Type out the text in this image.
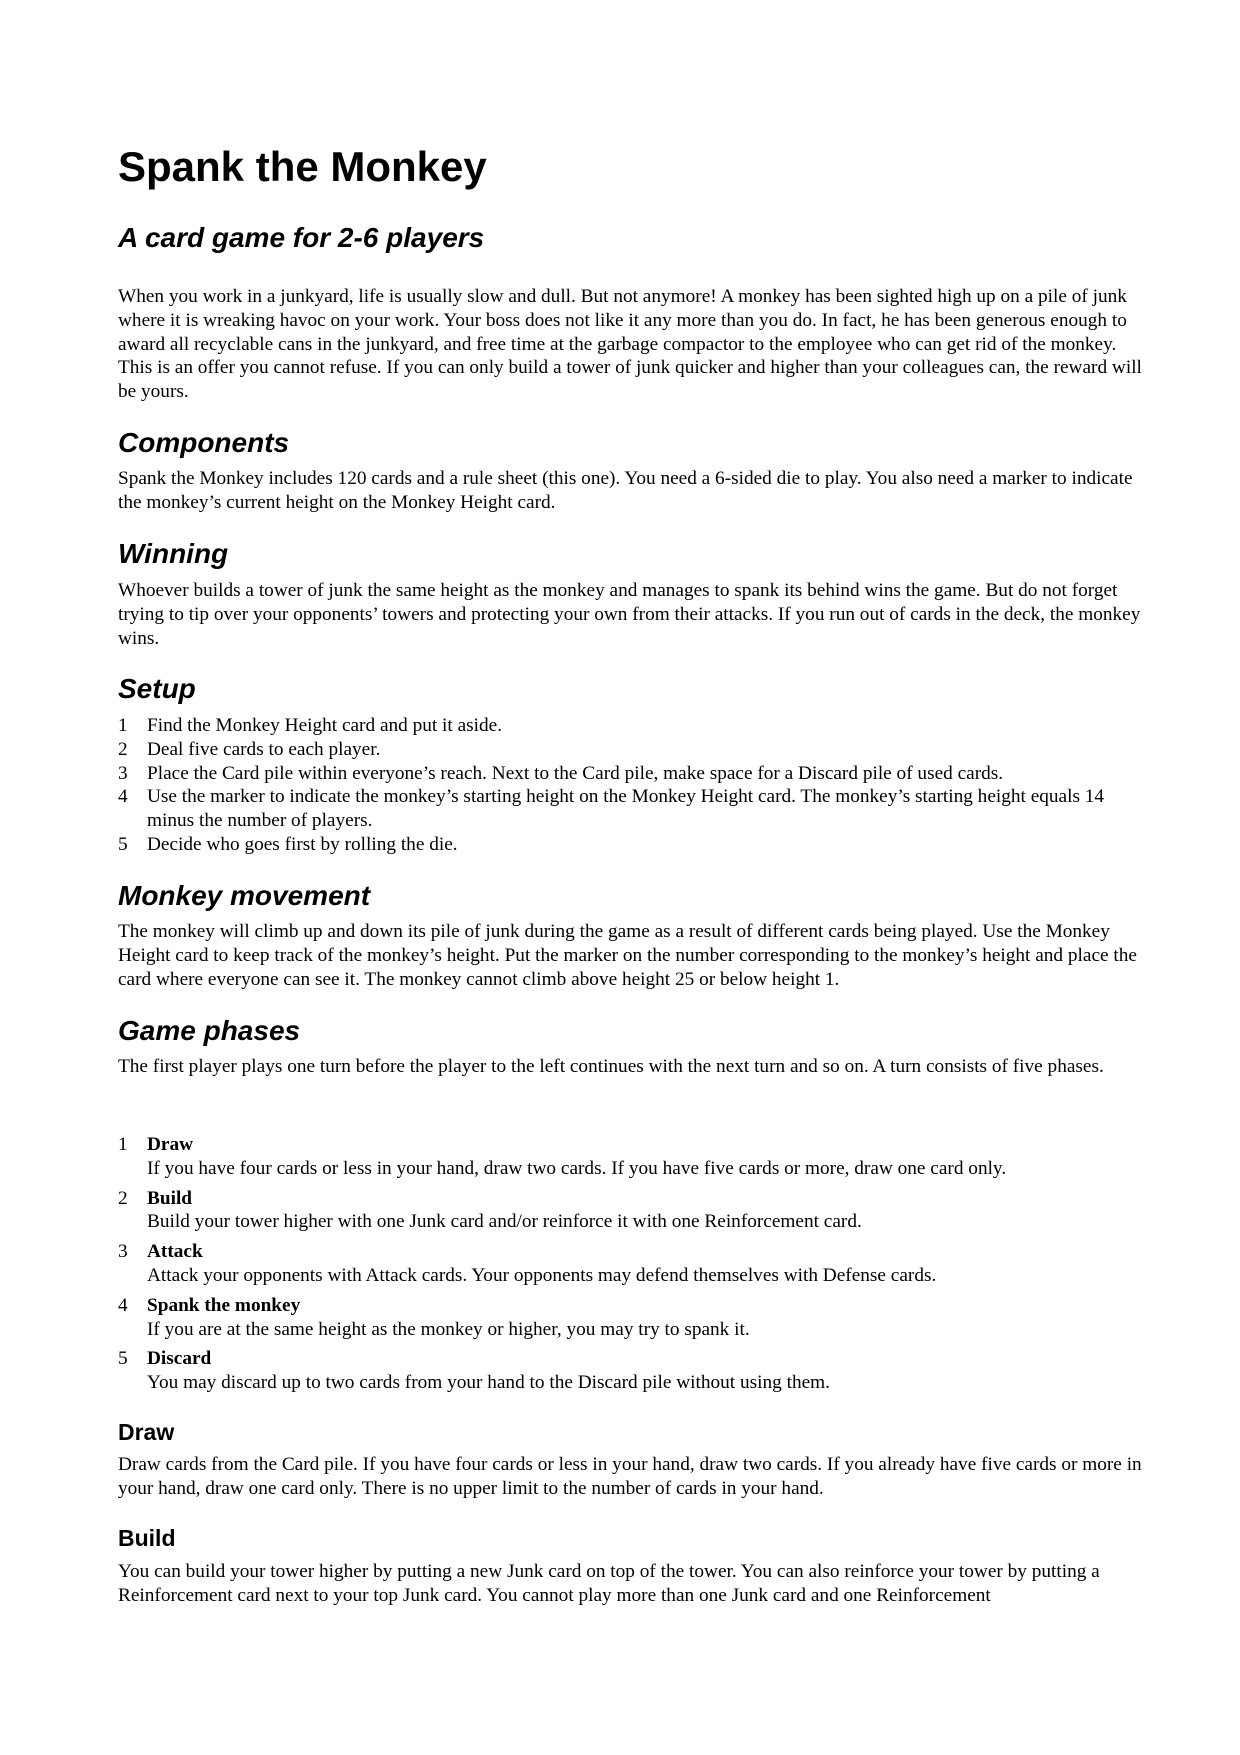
Spank the Monkey

A card game for 2-6 players

When you work in a junkyard, life is usually slow and dull. But not anymore! A monkey has been sighted high up on a pile of junk where it is wreaking havoc on your work. Your boss does not like it any more than you do. In fact, he has been generous enough to award all recyclable cans in the junkyard, and free time at the garbage compactor to the employee who can get rid of the monkey. This is an offer you cannot refuse. If you can only build a tower of junk quicker and higher than your colleagues can, the reward will be yours.

Components

Spank the Monkey includes 120 cards and a rule sheet (this one). You need a 6-sided die to play. You also need a marker to indicate the monkey’s current height on the Monkey Height card.

Winning

Whoever builds a tower of junk the same height as the monkey and manages to spank its behind wins the game. But do not forget trying to tip over your opponents’ towers and protecting your own from their attacks. If you run out of cards in the deck, the monkey wins.

Setup

1 Find the Monkey Height card and put it aside.
2 Deal five cards to each player.
3 Place the Card pile within everyone’s reach. Next to the Card pile, make space for a Discard pile of used cards.
4 Use the marker to indicate the monkey’s starting height on the Monkey Height card. The monkey’s starting height equals 14 minus the number of players.
5 Decide who goes first by rolling the die.

Monkey movement

The monkey will climb up and down its pile of junk during the game as a result of different cards being played. Use the Monkey Height card to keep track of the monkey’s height. Put the marker on the number corresponding to the monkey’s height and place the card where everyone can see it. The monkey cannot climb above height 25 or below height 1.

Game phases

The first player plays one turn before the player to the left continues with the next turn and so on. A turn consists of five phases.

1 Draw
If you have four cards or less in your hand, draw two cards. If you have five cards or more, draw one card only.
2 Build
Build your tower higher with one Junk card and/or reinforce it with one Reinforcement card.
3 Attack
Attack your opponents with Attack cards. Your opponents may defend themselves with Defense cards.
4 Spank the monkey
If you are at the same height as the monkey or higher, you may try to spank it.
5 Discard
You may discard up to two cards from your hand to the Discard pile without using them.

Draw

Draw cards from the Card pile. If you have four cards or less in your hand, draw two cards. If you already have five cards or more in your hand, draw one card only. There is no upper limit to the number of cards in your hand.

Build

You can build your tower higher by putting a new Junk card on top of the tower. You can also reinforce your tower by putting a Reinforcement card next to your top Junk card. You cannot play more than one Junk card and one Reinforcement
